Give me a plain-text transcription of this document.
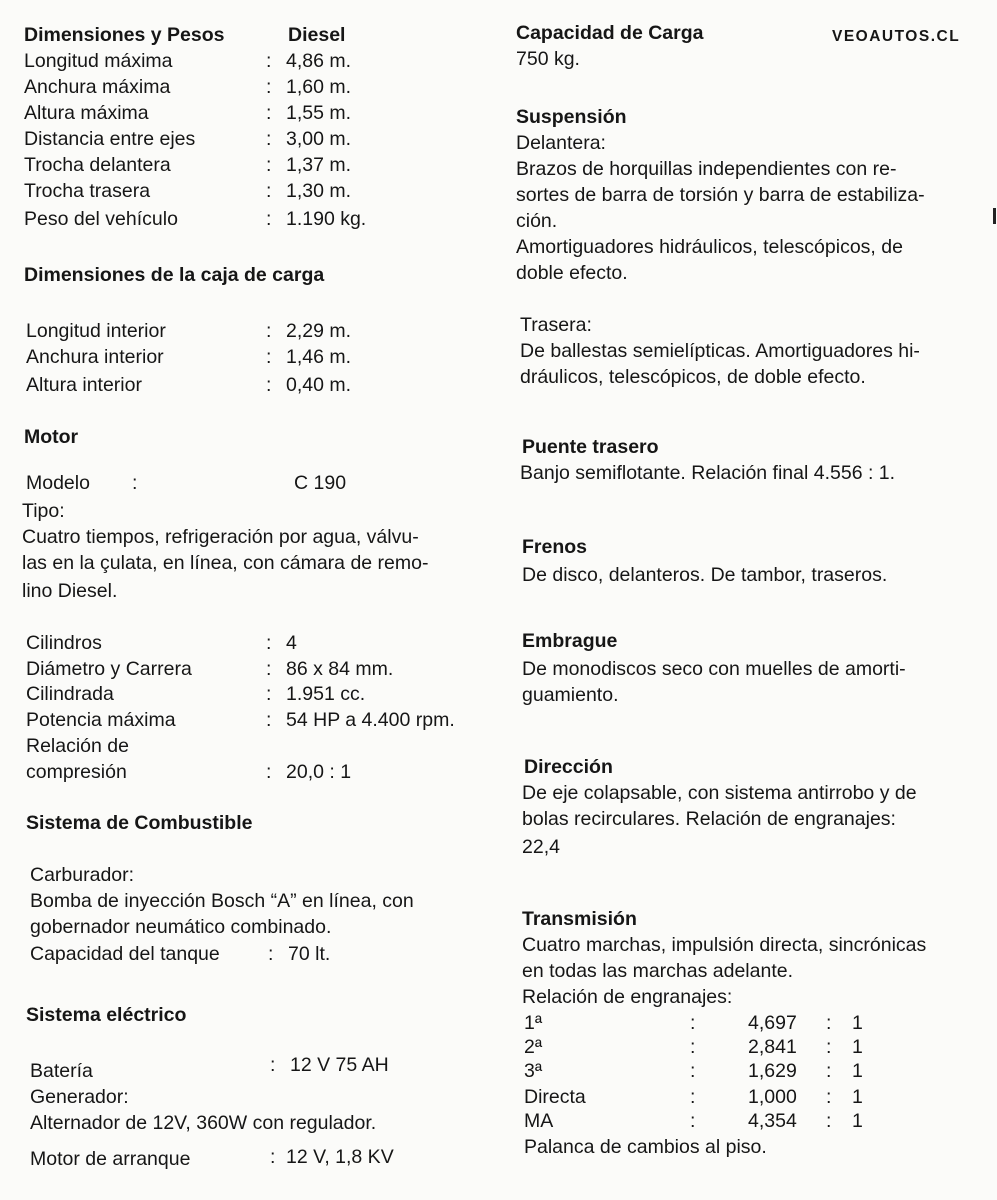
Dimensiones y Pesos	Diesel
Longitud máxima	: 4,86 m.
Anchura máxima	: 1,60 m.
Altura máxima	: 1,55 m.
Distancia entre ejes	: 3,00 m.
Trocha delantera	: 1,37 m.
Trocha trasera	: 1,30 m.
Peso del vehículo	: 1.190 kg.
Dimensiones de la caja de carga
Longitud interior	: 2,29 m.
Anchura interior	: 1,46 m.
Altura interior	: 0,40 m.
Motor
Modelo :	C 190
Tipo:
Cuatro tiempos, refrigeración por agua, válvu-
las en la çulata, en línea, con cámara de remo-
lino Diesel.
Cilindros	: 4
Diámetro y Carrera	: 86 x 84 mm.
Cilindrada	: 1.951 cc.
Potencia máxima	: 54 HP a 4.400 rpm.
Relación de
compresión	: 20,0 : 1
Sistema de Combustible
Carburador:
Bomba de inyección Bosch “A” en línea, con
gobernador neumático combinado.
Capacidad del tanque : 70 lt.
Sistema eléctrico
Batería	: 12 V 75 AH
Generador:
Alternador de 12V, 360W con regulador.
Motor de arranque	: 12 V, 1,8 KV
VEOAUTOS.CL
Capacidad de Carga
750 kg.
Suspensión
Delantera:
Brazos de horquillas independientes con re-
sortes de barra de torsión y barra de estabiliza-
ción.
Amortiguadores hidráulicos, telescópicos, de
doble efecto.
Trasera:
De ballestas semielípticas. Amortiguadores hi-
dráulicos, telescópicos, de doble efecto.
Puente trasero
Banjo semiflotante. Relación final 4.556 : 1.
Frenos
De disco, delanteros. De tambor, traseros.
Embrague
De monodiscos seco con muelles de amorti-
guamiento.
Dirección
De eje colapsable, con sistema antirrobo y de
bolas recirculares. Relación de engranajes:
22,4
Transmisión
Cuatro marchas, impulsión directa, sincrónicas
en todas las marchas adelante.
Relación de engranajes:
1ª	:	4,697 : 1
2ª	:	2,841 : 1
3ª	:	1,629 : 1
Directa	:	1,000 : 1
MA	:	4,354 : 1
Palanca de cambios al piso.
